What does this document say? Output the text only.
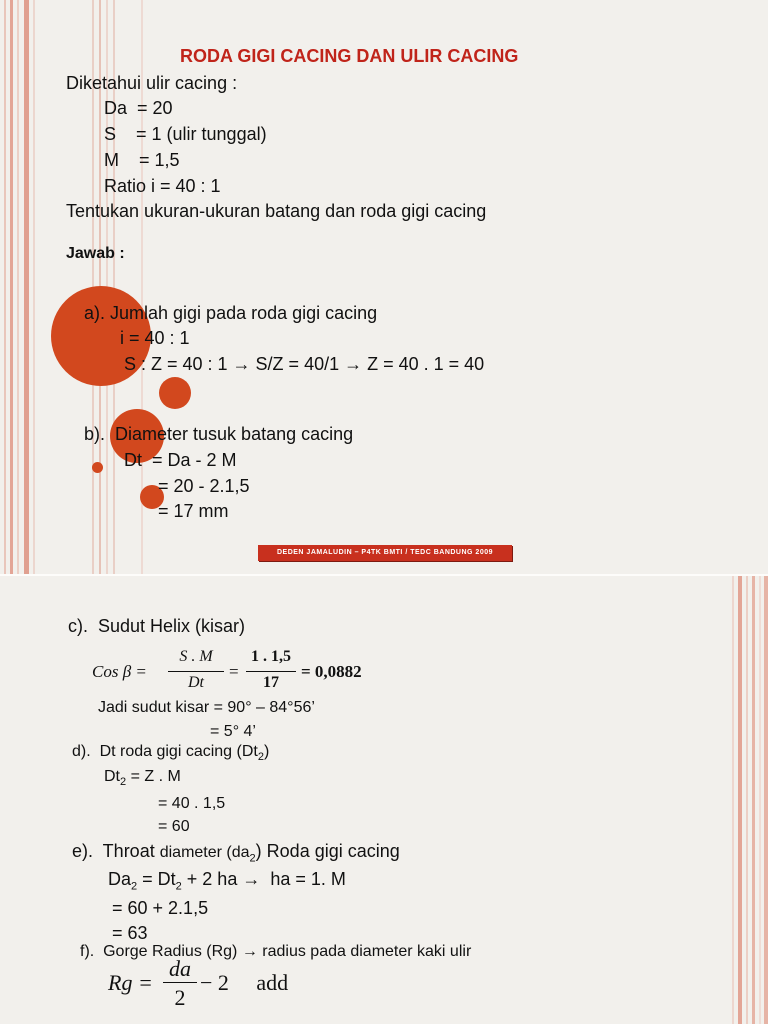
RODA GIGI CACING DAN ULIR CACING
Diketahui ulir cacing :
Da  = 20
S    = 1 (ulir tunggal)
M    = 1,5
Ratio i = 40 : 1
Tentukan ukuran-ukuran batang dan roda gigi cacing
Jawab :
a). Jumlah gigi pada roda gigi cacing
i = 40 : 1
S : Z = 40 : 1 → S/Z = 40/1 → Z = 40 . 1 = 40
b).  Diameter tusuk batang cacing
Dt  = Da - 2 M
= 20 - 2.1,5
= 17 mm
DEDEN JAMALUDIN – P4TK BMTI / TEDC BANDUNG 2009
c).  Sudut Helix (kisar)
Cos β =
S . M
Dt
=
1 . 1,5
17
= 0,0882
Jadi sudut kisar = 90° – 84°56’
= 5° 4’
d).  Dt roda gigi cacing $(Dt_2)$
$Dt_2 = Z$ . M
= 40 . 1,5
= 60
e).  Throat diameter $(da_2)$ Roda gigi cacing
$Da_2 = Dt_2 + 2$ ha →  ha = 1. M
= 60 + 2.1,5
= 63
f).  Gorge Radius (Rg) → radius pada diameter kaki ulir
Rg =
da
2
− 2     add
